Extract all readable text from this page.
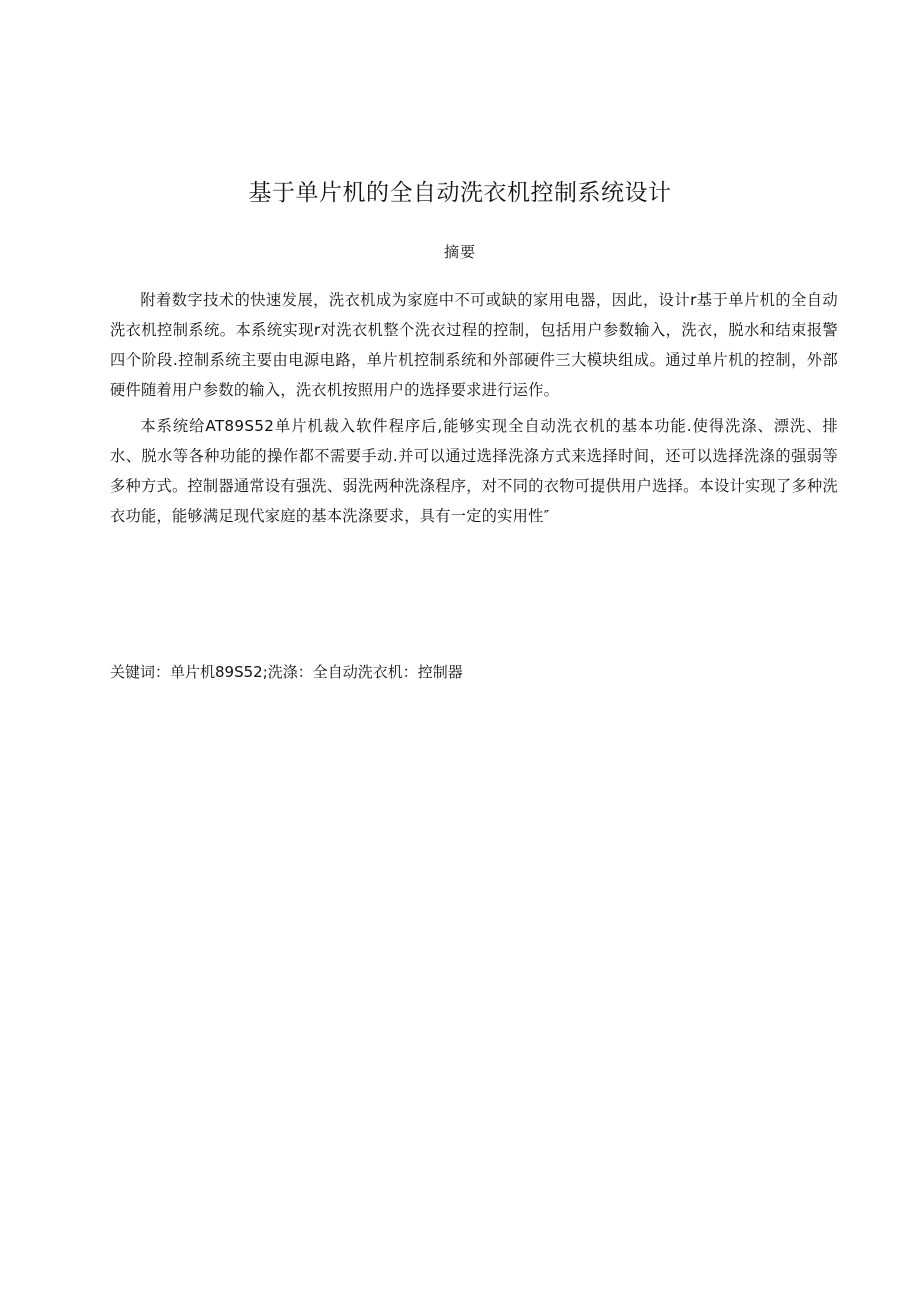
基于单片机的全自动洗衣机控制系统设计
摘要

附着数字技术的快速发展，洗衣机成为家庭中不可或缺的家用电器，因此，设计r基于单片机的全自动洗衣机控制系统。本系统实现r对洗衣机整个洗衣过程的控制，包括用户参数输入，洗衣，脱水和结束报警四个阶段.控制系统主要由电源电路，单片机控制系统和外部硬件三大模块组成。通过单片机的控制，外部硬件随着用户参数的输入，洗衣机按照用户的选择要求进行运作。

本系统给AT89S52单片机裁入软件程序后,能够实现全自动洗衣机的基本功能.使得洗涤、漂洗、排水、脱水等各种功能的操作都不需要手动.并可以通过选择洗涤方式来选择时间，还可以选择洗涤的强弱等多种方式。控制器通常设有强洗、弱洗两种洗涤程序，对不同的衣物可提供用户选择。本设计实现了多种洗衣功能，能够满足现代家庭的基本洗涤要求，具有一定的实用性″

关键词：单片机89S52;洗涤：全自动洗衣机：控制器
